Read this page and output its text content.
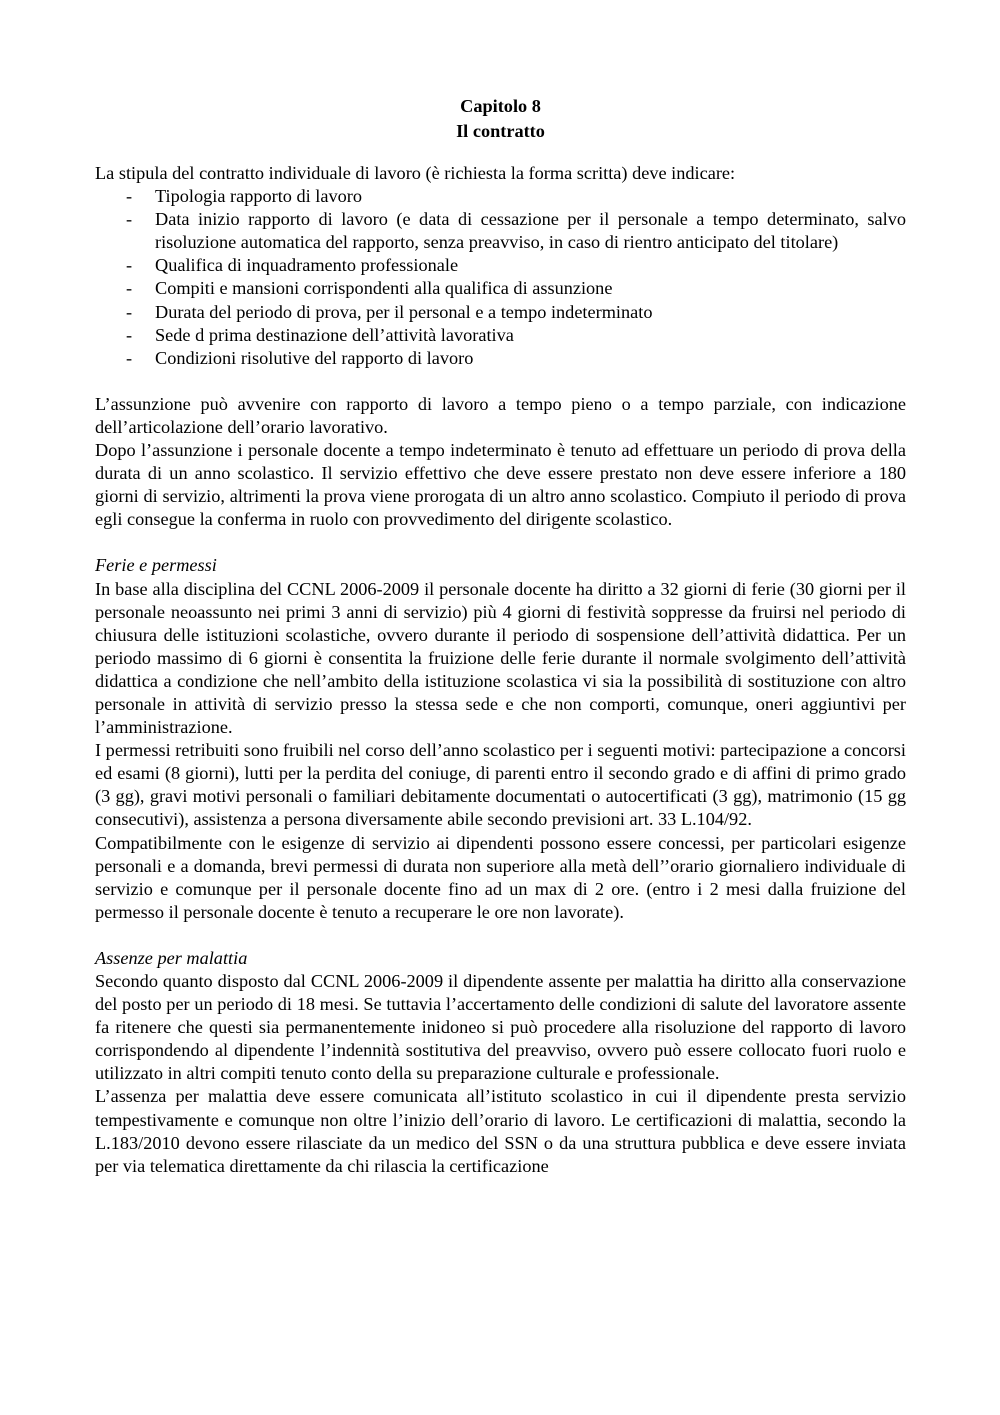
Capitolo 8
Il contratto

La stipula del contratto individuale di lavoro (è richiesta la forma scritta) deve indicare:

- Tipologia rapporto di lavoro
- Data inizio rapporto di lavoro (e data di cessazione per il personale a tempo determinato, salvo risoluzione automatica del rapporto, senza preavviso, in caso di rientro anticipato del titolare)
- Qualifica di inquadramento professionale
- Compiti e mansioni corrispondenti alla qualifica di assunzione
- Durata del periodo di prova, per il personal e a tempo indeterminato
- Sede d prima destinazione dell’attività lavorativa
- Condizioni risolutive del rapporto di lavoro

L’assunzione può avvenire con rapporto di lavoro a tempo pieno o a tempo parziale, con indicazione dell’articolazione dell’orario lavorativo.

Dopo l’assunzione i personale docente a tempo indeterminato è tenuto ad effettuare un periodo di prova della durata di un anno scolastico. Il servizio effettivo che deve essere prestato non deve essere inferiore a 180 giorni di servizio, altrimenti la prova viene prorogata di un altro anno scolastico. Compiuto il periodo di prova egli consegue la conferma in ruolo con provvedimento del dirigente scolastico.

Ferie e permessi

In base alla disciplina del CCNL 2006-2009 il personale docente ha diritto a 32 giorni di ferie (30 giorni per il personale neoassunto nei primi 3 anni di servizio) più 4 giorni di festività soppresse da fruirsi nel periodo di chiusura delle istituzioni scolastiche, ovvero durante il periodo di sospensione dell’attività didattica. Per un periodo massimo di 6 giorni è consentita la fruizione delle ferie durante il normale svolgimento dell’attività didattica a condizione che nell’ambito della istituzione scolastica vi sia la possibilità di sostituzione con altro personale in attività di servizio presso la stessa sede e che non comporti, comunque, oneri aggiuntivi per l’amministrazione.

I permessi retribuiti sono fruibili nel corso dell’anno scolastico per i seguenti motivi: partecipazione a concorsi ed esami (8 giorni), lutti per la perdita del coniuge, di parenti entro il secondo grado e di affini di primo grado (3 gg), gravi motivi personali o familiari debitamente documentati o autocertificati (3 gg), matrimonio (15 gg consecutivi), assistenza a persona diversamente abile secondo previsioni art. 33 L.104/92.

Compatibilmente con le esigenze di servizio ai dipendenti possono essere concessi, per particolari esigenze personali e a domanda, brevi permessi di durata non superiore alla metà dell’’orario giornaliero individuale di servizio e comunque per il personale docente fino ad un max di 2 ore. (entro i 2 mesi dalla fruizione del permesso il personale docente è tenuto a recuperare le ore non lavorate).

Assenze per malattia

Secondo quanto disposto dal CCNL 2006-2009 il dipendente assente per malattia ha diritto alla conservazione del posto per un periodo di 18 mesi. Se tuttavia l’accertamento delle condizioni di salute del lavoratore assente fa ritenere che questi sia permanentemente inidoneo si può procedere alla risoluzione del rapporto di lavoro corrispondendo al dipendente l’indennità sostitutiva del preavviso, ovvero può essere collocato fuori ruolo e utilizzato in altri compiti tenuto conto della su preparazione culturale e professionale.

L’assenza per malattia deve essere comunicata all’istituto scolastico in cui il dipendente presta servizio tempestivamente e comunque non oltre l’inizio dell’orario di lavoro. Le certificazioni di malattia, secondo la L.183/2010 devono essere rilasciate da un medico del SSN o da una struttura pubblica e deve essere inviata per via telematica direttamente da chi rilascia la certificazione
